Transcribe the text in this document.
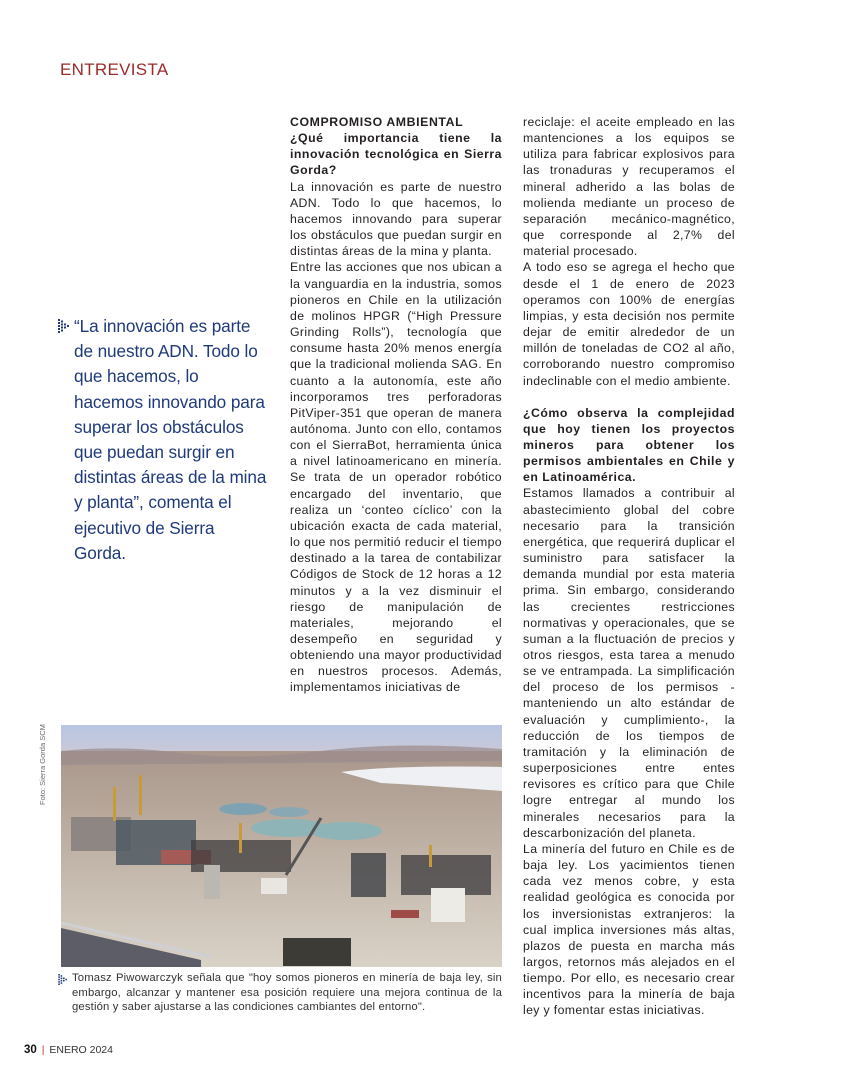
ENTREVISTA

“La innovación es parte de nuestro ADN. Todo lo que hacemos, lo hacemos innovando para superar los obstáculos que puedan surgir en distintas áreas de la mina y planta”, comenta el ejecutivo de Sierra Gorda.

COMPROMISO AMBIENTAL

¿Qué importancia tiene la innovación tecnológica en Sierra Gorda?

La innovación es parte de nuestro ADN. Todo lo que hacemos, lo hacemos innovando para superar los obstáculos que puedan surgir en distintas áreas de la mina y planta.

Entre las acciones que nos ubican a la vanguardia en la industria, somos pioneros en Chile en la utilización de molinos HPGR (“High Pressure Grinding Rolls”), tecnología que consume hasta 20% menos energía que la tradicional molienda SAG. En cuanto a la autonomía, este año incorporamos tres perforadoras PitViper-351 que operan de manera autónoma. Junto con ello, contamos con el SierraBot, herramienta única a nivel latinoamericano en minería. Se trata de un operador robótico encargado del inventario, que realiza un ‘conteo cíclico’ con la ubicación exacta de cada material, lo que nos permitió reducir el tiempo destinado a la tarea de contabilizar Códigos de Stock de 12 horas a 12 minutos y a la vez disminuir el riesgo de manipulación de materiales, mejorando el desempeño en seguridad y obteniendo una mayor productividad en nuestros procesos. Además, implementamos iniciativas de

reciclaje: el aceite empleado en las mantenciones a los equipos se utiliza para fabricar explosivos para las tronaduras y recuperamos el mineral adherido a las bolas de molienda mediante un proceso de separación mecánico-magnético, que corresponde al 2,7% del material procesado.

A todo eso se agrega el hecho que desde el 1 de enero de 2023 operamos con 100% de energías limpias, y esta decisión nos permite dejar de emitir alrededor de un millón de toneladas de CO2 al año, corroborando nuestro compromiso indeclinable con el medio ambiente.

¿Cómo observa la complejidad que hoy tienen los proyectos mineros para obtener los permisos ambientales en Chile y en Latinoamérica.

Estamos llamados a contribuir al abastecimiento global del cobre necesario para la transición energética, que requerirá duplicar el suministro para satisfacer la demanda mundial por esta materia prima. Sin embargo, considerando las crecientes restricciones normativas y operacionales, que se suman a la fluctuación de precios y otros riesgos, esta tarea a menudo se ve entrampada. La simplificación del proceso de los permisos -manteniendo un alto estándar de evaluación y cumplimiento-, la reducción de los tiempos de tramitación y la eliminación de superposiciones entre entes revisores es crítico para que Chile logre entregar al mundo los minerales necesarios para la descarbonización del planeta.

La minería del futuro en Chile es de baja ley. Los yacimientos tienen cada vez menos cobre, y esta realidad geológica es conocida por los inversionistas extranjeros: la cual implica inversiones más altas, plazos de puesta en marcha más largos, retornos más alejados en el tiempo. Por ello, es necesario crear incentivos para la minería de baja ley y fomentar estas iniciativas.

Foto: Sierra Gorda SCM

Tomasz Piwowarczyk señala que "hoy somos pioneros en minería de baja ley, sin embargo, alcanzar y mantener esa posición requiere una mejora continua de la gestión y saber ajustarse a las condiciones cambiantes del entorno".

30 | ENERO 2024
